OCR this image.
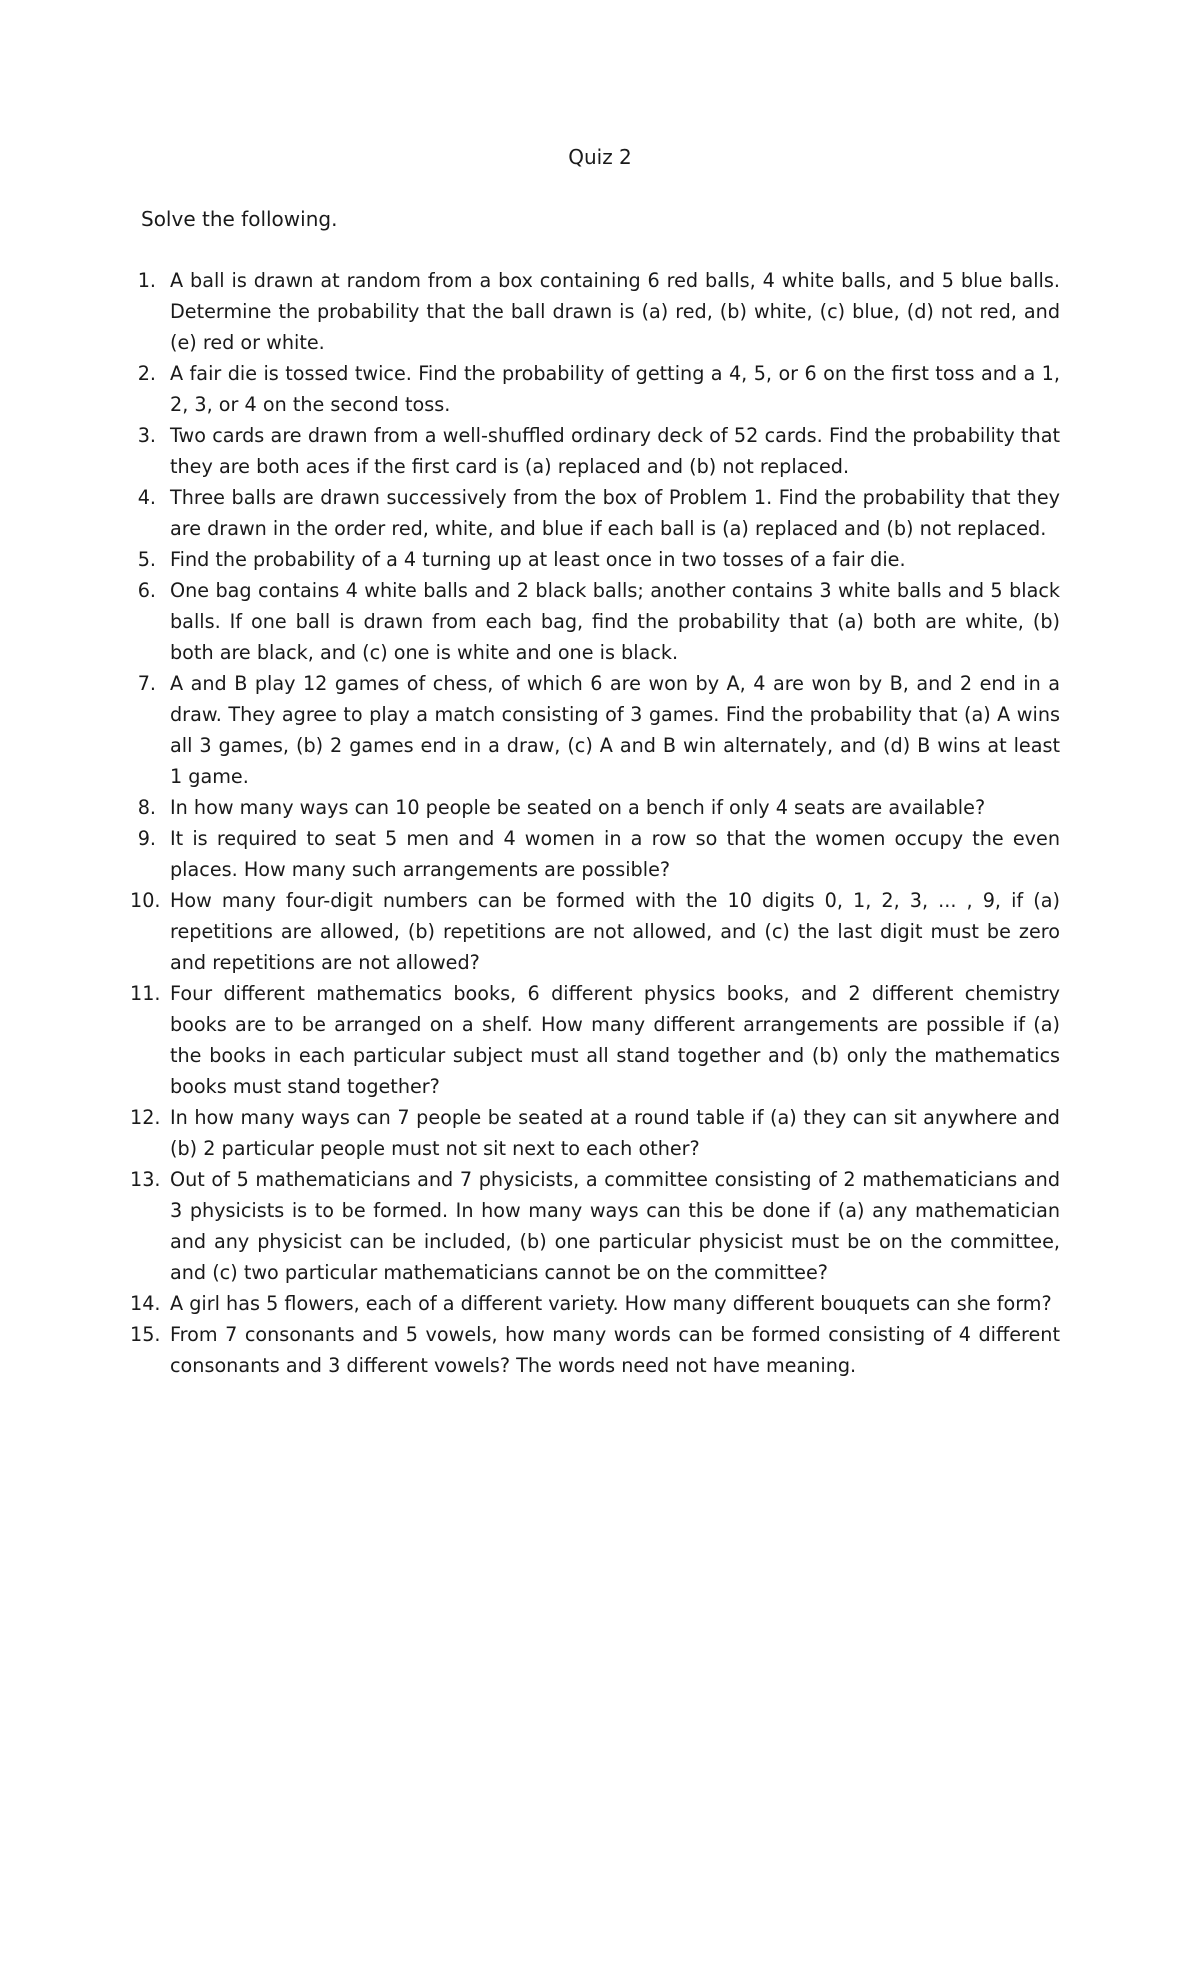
Quiz 2

Solve the following.

1. A ball is drawn at random from a box containing 6 red balls, 4 white balls, and 5 blue balls. Determine the probability that the ball drawn is (a) red, (b) white, (c) blue, (d) not red, and (e) red or white.
2. A fair die is tossed twice. Find the probability of getting a 4, 5, or 6 on the first toss and a 1, 2, 3, or 4 on the second toss.
3. Two cards are drawn from a well-shuffled ordinary deck of 52 cards. Find the probability that they are both aces if the first card is (a) replaced and (b) not replaced.
4. Three balls are drawn successively from the box of Problem 1. Find the probability that they are drawn in the order red, white, and blue if each ball is (a) replaced and (b) not replaced.
5. Find the probability of a 4 turning up at least once in two tosses of a fair die.
6. One bag contains 4 white balls and 2 black balls; another contains 3 white balls and 5 black balls. If one ball is drawn from each bag, find the probability that (a) both are white, (b) both are black, and (c) one is white and one is black.
7. A and B play 12 games of chess, of which 6 are won by A, 4 are won by B, and 2 end in a draw. They agree to play a match consisting of 3 games. Find the probability that (a) A wins all 3 games, (b) 2 games end in a draw, (c) A and B win alternately, and (d) B wins at least 1 game.
8. In how many ways can 10 people be seated on a bench if only 4 seats are available?
9. It is required to seat 5 men and 4 women in a row so that the women occupy the even places. How many such arrangements are possible?
10. How many four-digit numbers can be formed with the 10 digits 0, 1, 2, 3, ... , 9, if (a) repetitions are allowed, (b) repetitions are not allowed, and (c) the last digit must be zero and repetitions are not allowed?
11. Four different mathematics books, 6 different physics books, and 2 different chemistry books are to be arranged on a shelf. How many different arrangements are possible if (a) the books in each particular subject must all stand together and (b) only the mathematics books must stand together?
12. In how many ways can 7 people be seated at a round table if (a) they can sit anywhere and (b) 2 particular people must not sit next to each other?
13. Out of 5 mathematicians and 7 physicists, a committee consisting of 2 mathematicians and 3 physicists is to be formed. In how many ways can this be done if (a) any mathematician and any physicist can be included, (b) one particular physicist must be on the committee, and (c) two particular mathematicians cannot be on the committee?
14. A girl has 5 flowers, each of a different variety. How many different bouquets can she form?
15. From 7 consonants and 5 vowels, how many words can be formed consisting of 4 different consonants and 3 different vowels? The words need not have meaning.
